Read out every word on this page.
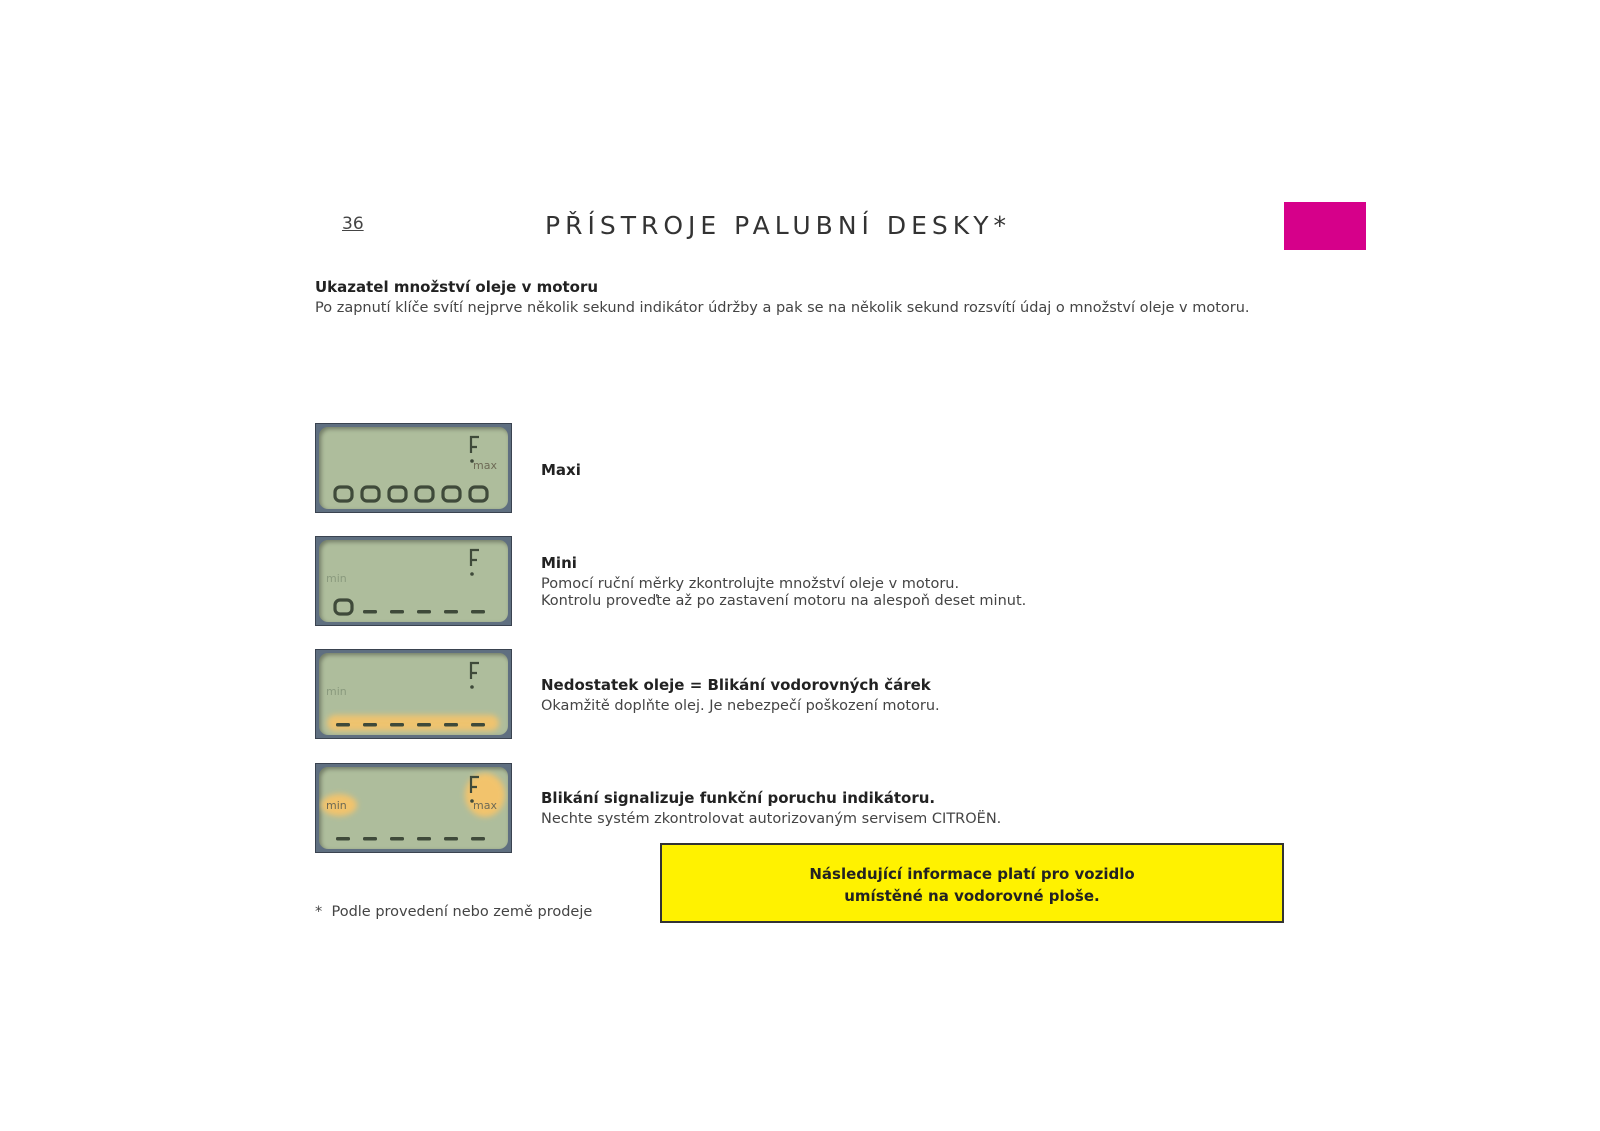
36	PŘÍSTROJE PALUBNÍ DESKY*
Ukazatel množství oleje v motoru
Po zapnutí klíče svítí nejprve několik sekund indikátor údržby a pak se na několik sekund rozsvítí údaj o množství oleje v motoru.
max	Maxi
min
Mini
Pomocí ruční měrky zkontrolujte množství oleje v motoru.
Kontrolu proveďte až po zastavení motoru na alespoň deset minut.
min	Nedostatek oleje = Blikání vodorovných čárek
Okamžitě doplňte olej. Je nebezpečí poškození motoru.
min	max	Blikání signalizuje funkční poruchu indikátoru.
Nechte systém zkontrolovat autorizovaným servisem CITROËN.
Následující informace platí pro vozidlo
umístěné na vodorovné ploše.
* Podle provedení nebo země prodeje
